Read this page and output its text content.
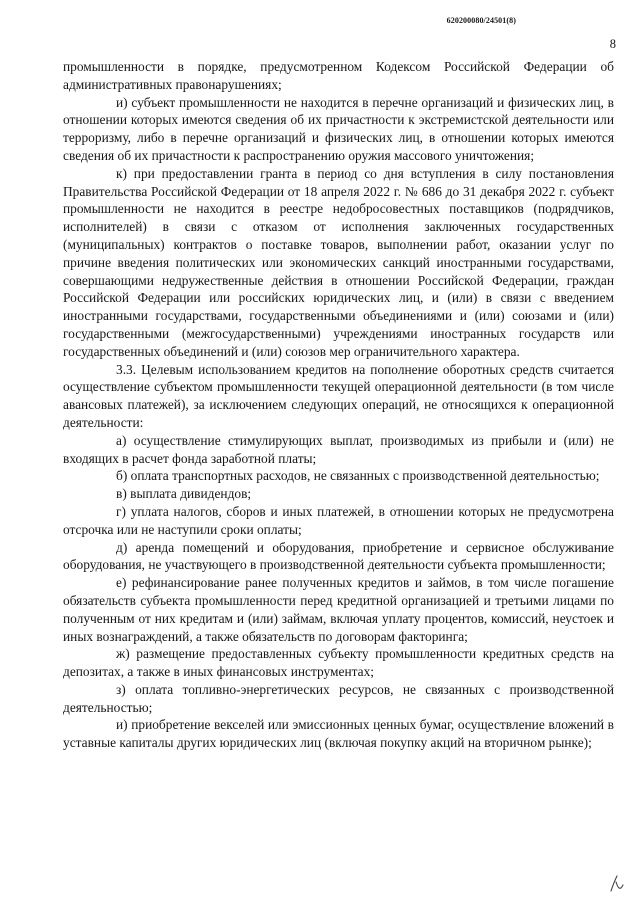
620200080/24501(8)
8

промышленности в порядке, предусмотренном Кодексом Российской Федерации об административных правонарушениях;

и) субъект промышленности не находится в перечне организаций и физических лиц, в отношении которых имеются сведения об их причастности к экстремистской деятельности или терроризму, либо в перечне организаций и физических лиц, в отношении которых имеются сведения об их причастности к распространению оружия массового уничтожения;

к) при предоставлении гранта в период со дня вступления в силу постановления Правительства Российской Федерации от 18 апреля 2022 г. № 686 до 31 декабря 2022 г. субъект промышленности не находится в реестре недобросовестных поставщиков (подрядчиков, исполнителей) в связи с отказом от исполнения заключенных государственных (муниципальных) контрактов о поставке товаров, выполнении работ, оказании услуг по причине введения политических или экономических санкций иностранными государствами, совершающими недружественные действия в отношении Российской Федерации, граждан Российской Федерации или российских юридических лиц, и (или) в связи с введением иностранными государствами, государственными объединениями и (или) союзами и (или) государственными (межгосударственными) учреждениями иностранных государств или государственных объединений и (или) союзов мер ограничительного характера.

3.3. Целевым использованием кредитов на пополнение оборотных средств считается осуществление субъектом промышленности текущей операционной деятельности (в том числе авансовых платежей), за исключением следующих операций, не относящихся к операционной деятельности:

а) осуществление стимулирующих выплат, производимых из прибыли и (или) не входящих в расчет фонда заработной платы;

б) оплата транспортных расходов, не связанных с производственной деятельностью;

в) выплата дивидендов;

г) уплата налогов, сборов и иных платежей, в отношении которых не предусмотрена отсрочка или не наступили сроки оплаты;

д) аренда помещений и оборудования, приобретение и сервисное обслуживание оборудования, не участвующего в производственной деятельности субъекта промышленности;

е) рефинансирование ранее полученных кредитов и займов, в том числе погашение обязательств субъекта промышленности перед кредитной организацией и третьими лицами по полученным от них кредитам и (или) займам, включая уплату процентов, комиссий, неустоек и иных вознаграждений, а также обязательств по договорам факторинга;

ж) размещение предоставленных субъекту промышленности кредитных средств на депозитах, а также в иных финансовых инструментах;

з) оплата топливно-энергетических ресурсов, не связанных с производственной деятельностью;

и) приобретение векселей или эмиссионных ценных бумаг, осуществление вложений в уставные капиталы других юридических лиц (включая покупку акций на вторичном рынке);
